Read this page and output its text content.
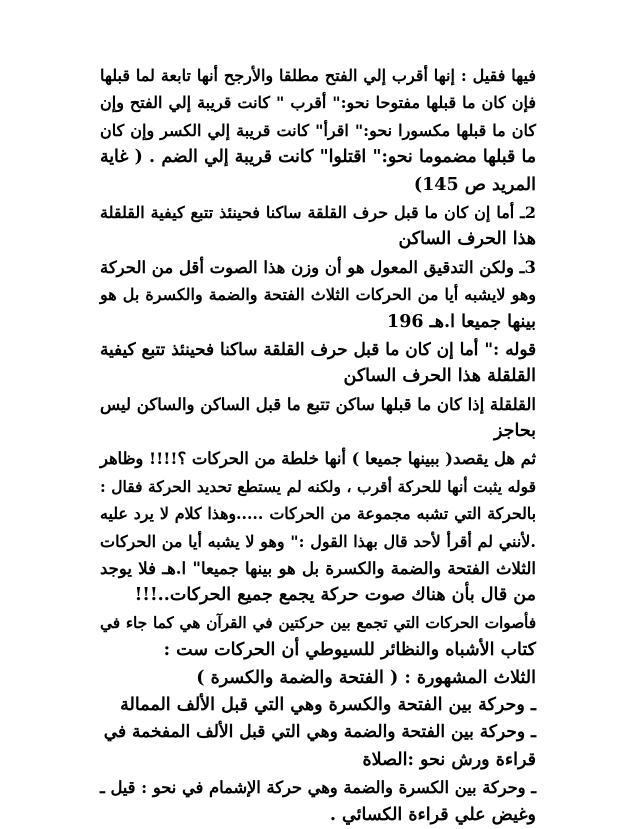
فيها فقيل : إنها أقرب إلي الفتح مطلقا والأرجح أنها تابعة لما قبلها
فإن كان ما قبلها مفتوحا نحو:" أقرب " كانت قريبة إلي الفتح وإن
كان ما قبلها مكسورا نحو:" اقرأ" كانت قريبة إلي الكسر وإن كان
ما قبلها مضموما نحو:" اقتلوا" كانت قريبة إلي الضم . ( غاية
المريد ص 145)
2ـ أما إن كان ما قبل حرف القلقة ساكنا فحينئذ تتبع كيفية القلقلة
هذا الحرف الساكن
3ـ ولكن التدقيق المعول هو أن وزن هذا الصوت أقل من الحركة
وهو لايشبه أيا من الحركات الثلاث الفتحة والضمة والكسرة بل هو
بينها جميعا ا.هـ 196
قوله :" أما إن كان ما قبل حرف القلقة ساكنا فحينئذ تتبع كيفية
القلقلة هذا الحرف الساكن
القلقلة إذا كان ما قبلها ساكن تتبع ما قبل الساكن والساكن ليس
بحاجز
ثم هل يقصد( ببينها جميعا ) أنها خلطة من الحركات ؟!!!! وظاهر
قوله يثبت أنها للحركة أقرب ، ولكنه لم يستطع تحديد الحركة فقال :
بالحركة التي تشبه مجموعة من الحركات .....وهذا كلام لا يرد عليه
.لأنني لم أقرأ لأحد قال بهذا القول :" وهو لا يشبه أيا من الحركات
الثلاث الفتحة والضمة والكسرة بل هو بينها جميعا" ا.هـ فلا يوجد
من قال بأن هناك صوت حركة يجمع جميع الحركات..!!!
فأصوات الحركات التي تجمع بين حركتين في القرآن هي كما جاء في
كتاب الأشباه والنظائر للسيوطي أن الحركات ست :
الثلاث المشهورة : ( الفتحة والضمة والكسرة )
ـ وحركة بين الفتحة والكسرة وهي التي قبل الألف الممالة
ـ وحركة بين الفتحة والضمة وهي التي قبل الألف المفخمة في
قراءة ورش نحو :الصلاة
ـ وحركة بين الكسرة والضمة وهي حركة الإشمام في نحو : قيل ـ
وغيض علي قراءة الكسائي .
